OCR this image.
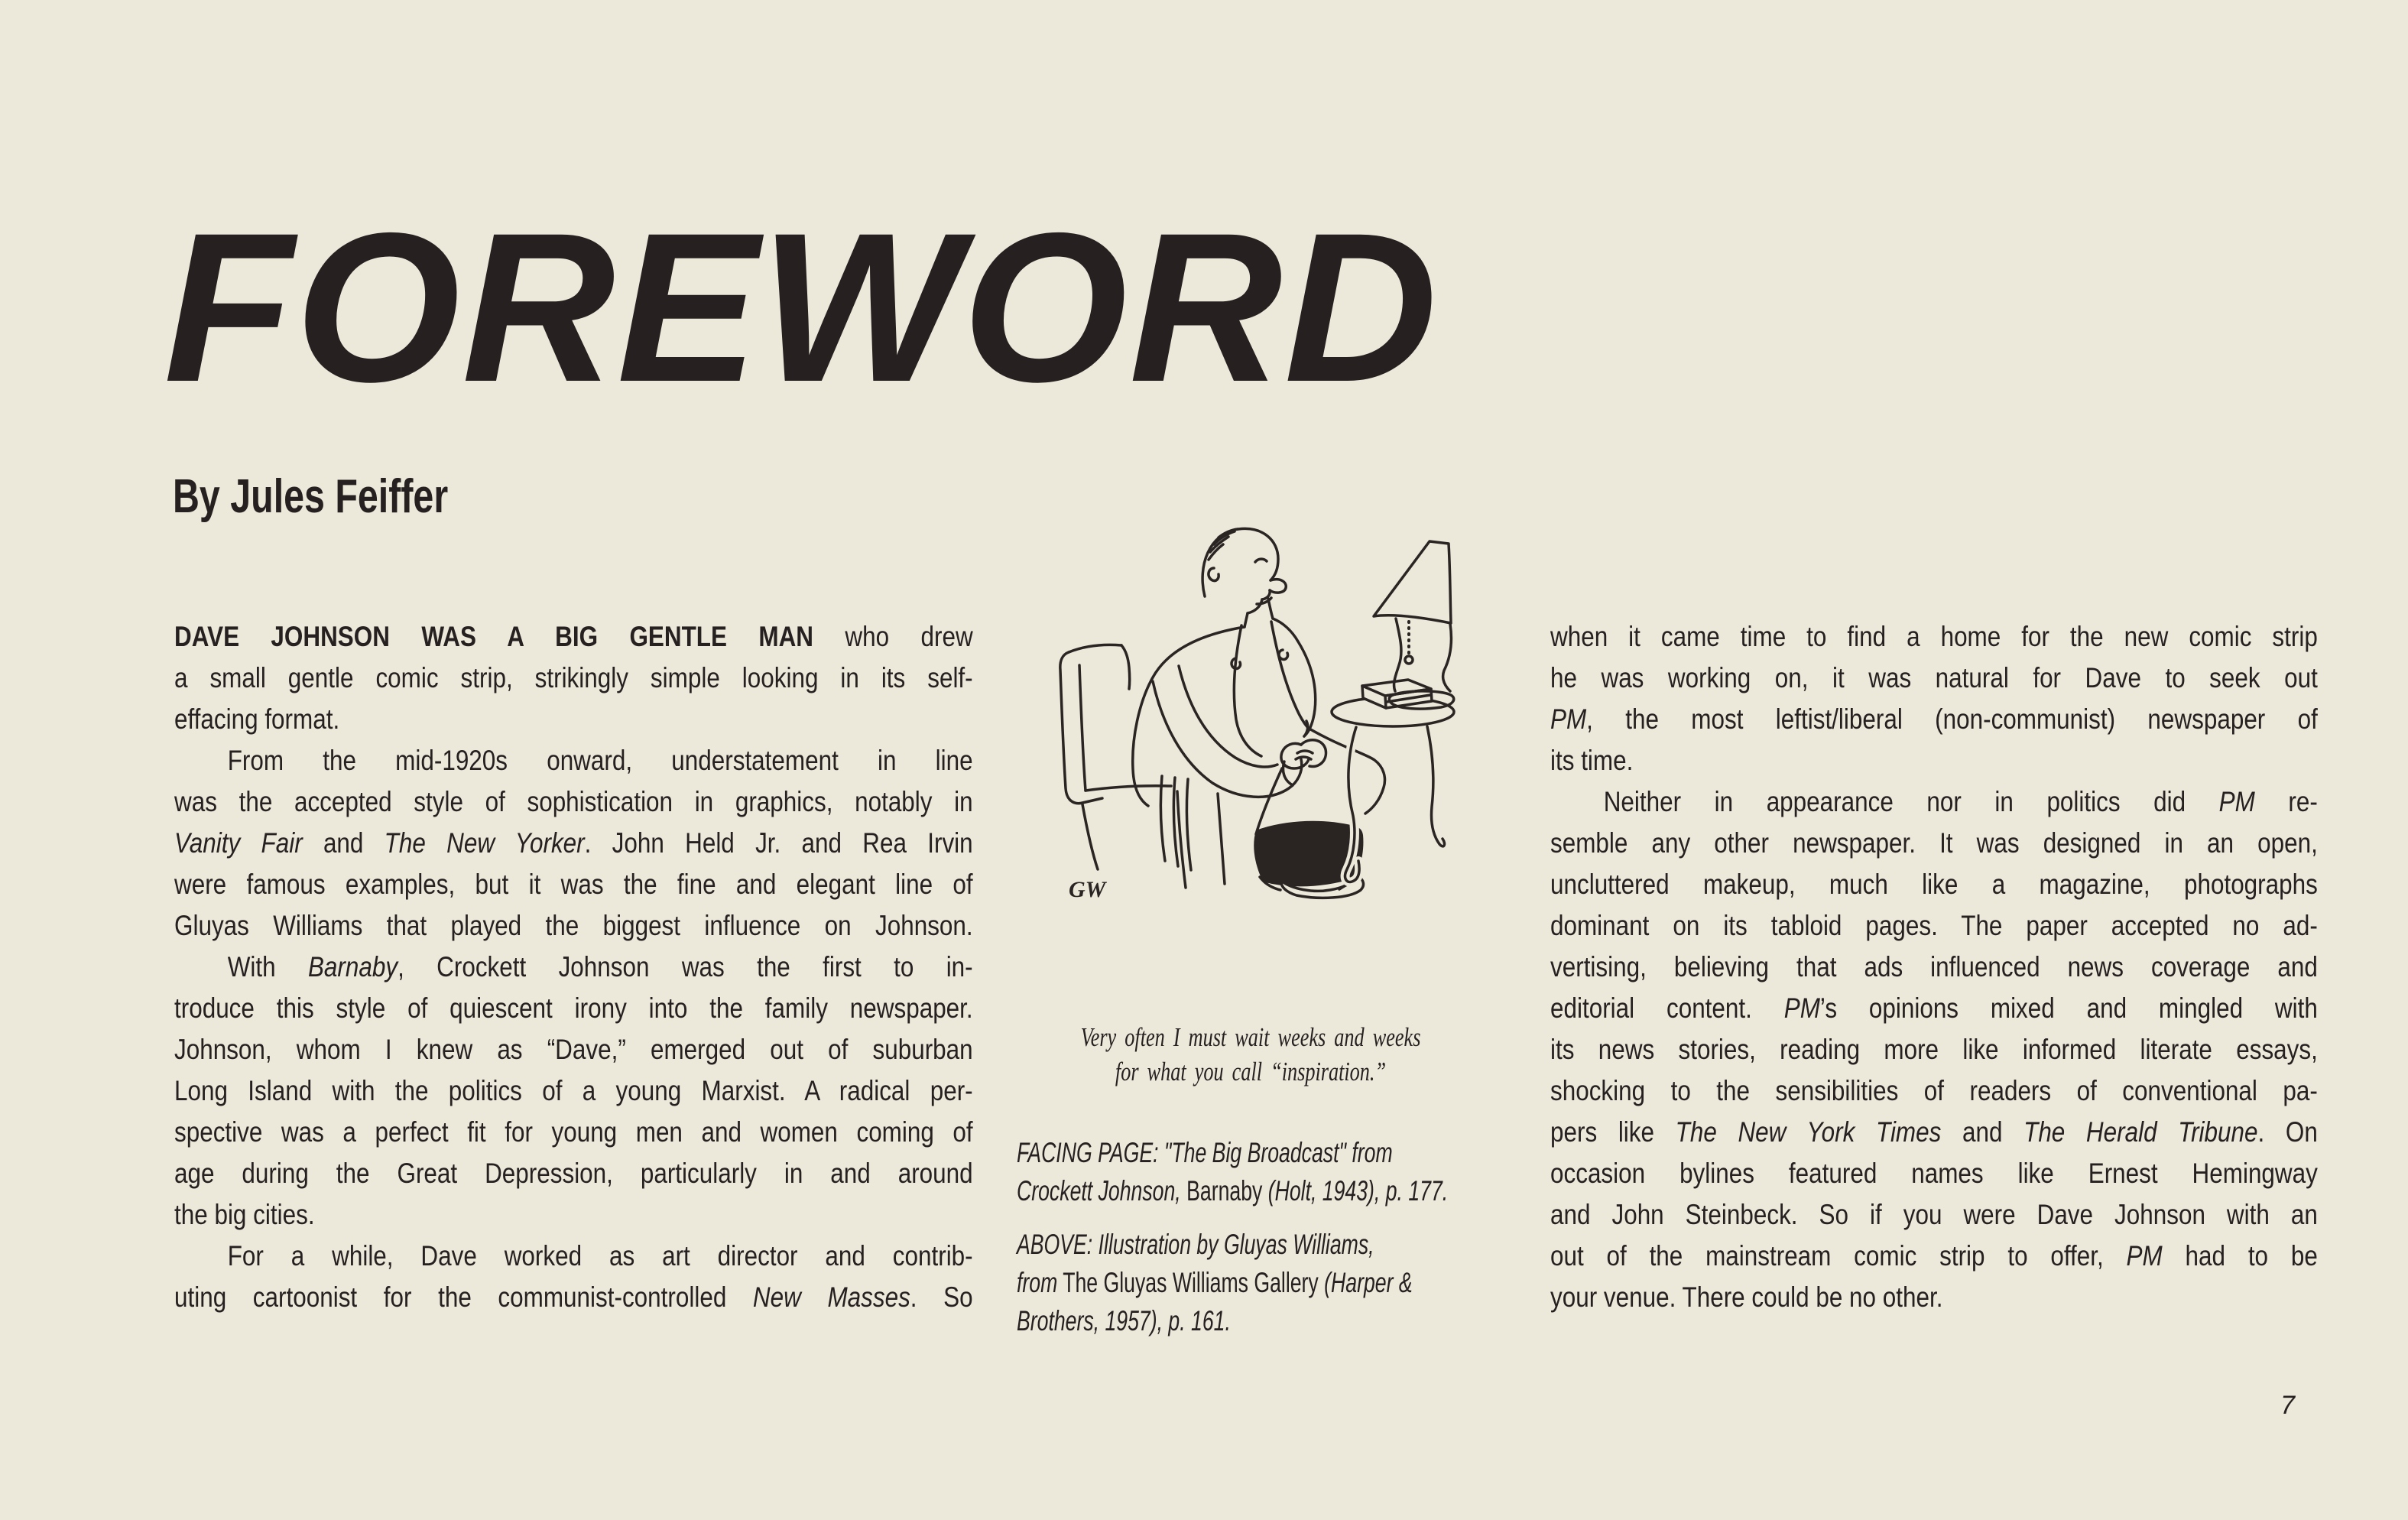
FOREWORD
By Jules Feiffer
DAVE JOHNSON WAS A BIG GENTLE MAN who drew
a small gentle comic strip, strikingly simple looking in its self-
effacing format.
From the mid-1920s onward, understatement in line
was the accepted style of sophistication in graphics, notably in
Vanity Fair and The New Yorker. John Held Jr. and Rea Irvin
were famous examples, but it was the fine and elegant line of
Gluyas Williams that played the biggest influence on Johnson.
With Barnaby, Crockett Johnson was the first to in-
troduce this style of quiescent irony into the family newspaper.
Johnson, whom I knew as “Dave,” emerged out of suburban
Long Island with the politics of a young Marxist. A radical per-
spective was a perfect fit for young men and women coming of
age during the Great Depression, particularly in and around
the big cities.
For a while, Dave worked as art director and contrib-
uting cartoonist for the communist-controlled New Masses. So
GW
Very often I must wait weeks and weeks
for what you call “inspiration.”
FACING PAGE: "The Big Broadcast" from
Crockett Johnson, Barnaby (Holt, 1943), p. 177.
ABOVE: Illustration by Gluyas Williams,
from The Gluyas Williams Gallery (Harper &
Brothers, 1957), p. 161.
when it came time to find a home for the new comic strip
he was working on, it was natural for Dave to seek out
PM, the most leftist/liberal (non-communist) newspaper of
its time.
Neither in appearance nor in politics did PM re-
semble any other newspaper. It was designed in an open,
uncluttered makeup, much like a magazine, photographs
dominant on its tabloid pages. The paper accepted no ad-
vertising, believing that ads influenced news coverage and
editorial content. PM’s opinions mixed and mingled with
its news stories, reading more like informed literate essays,
shocking to the sensibilities of readers of conventional pa-
pers like The New York Times and The Herald Tribune. On
occasion bylines featured names like Ernest Hemingway
and John Steinbeck. So if you were Dave Johnson with an
out of the mainstream comic strip to offer, PM had to be
your venue. There could be no other.
7
